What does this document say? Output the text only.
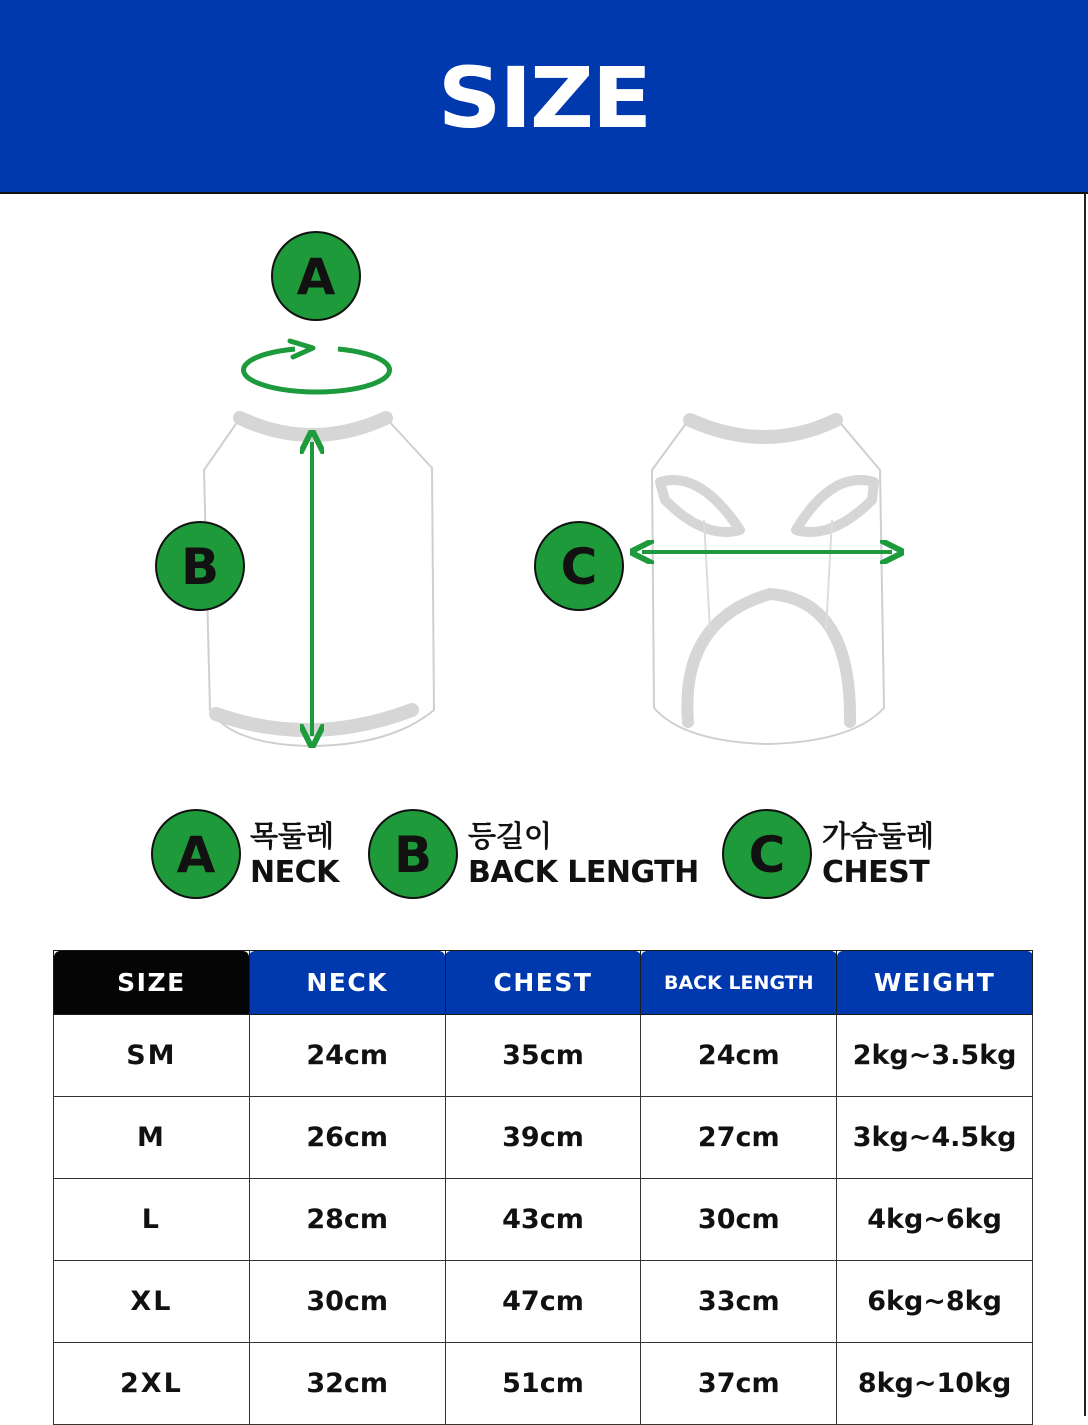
SIZE
A
B	C
A 목둘레
NECK B 등길이
BACK LENGTH C 가슴둘레
CHEST
SIZE	NECK	CHEST	BACK LENGTH	WEIGHT
SM	24cm	35cm	24cm	2kg~3.5kg
M	26cm	39cm	27cm	3kg~4.5kg
L	28cm	43cm	30cm	4kg~6kg
XL	30cm	47cm	33cm	6kg~8kg
2XL	32cm	51cm	37cm	8kg~10kg
